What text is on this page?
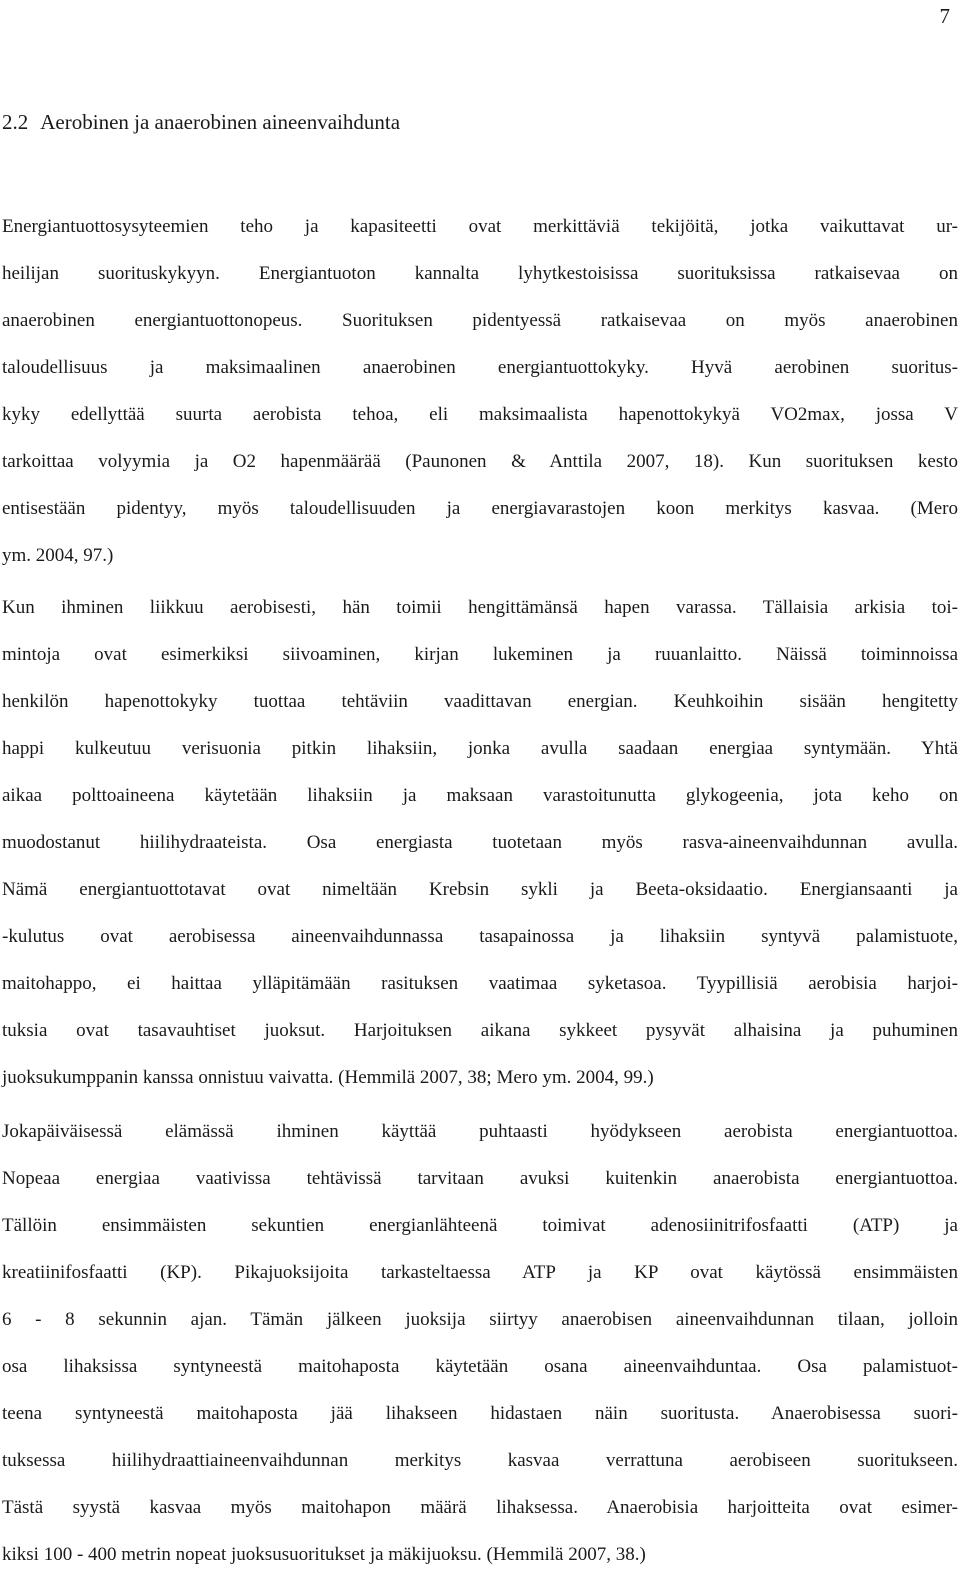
7
2.2 Aerobinen ja anaerobinen aineenvaihdunta
Energiantuottosysyteemien teho ja kapasiteetti ovat merkittäviä tekijöitä, jotka vaikuttavat ur-
heilijan suorituskykyyn. Energiantuoton kannalta lyhytkestoisissa suorituksissa ratkaisevaa on
anaerobinen energiantuottonopeus. Suorituksen pidentyessä ratkaisevaa on myös anaerobinen
taloudellisuus ja maksimaalinen anaerobinen energiantuottokyky. Hyvä aerobinen suoritus-
kyky edellyttää suurta aerobista tehoa, eli maksimaalista hapenottokykyä VO2max, jossa V
tarkoittaa volyymia ja O2 hapenmäärää (Paunonen & Anttila 2007, 18). Kun suorituksen kesto
entisestään pidentyy, myös taloudellisuuden ja energiavarastojen koon merkitys kasvaa. (Mero
ym. 2004, 97.)
Kun ihminen liikkuu aerobisesti, hän toimii hengittämänsä hapen varassa. Tällaisia arkisia toi-
mintoja ovat esimerkiksi siivoaminen, kirjan lukeminen ja ruuanlaitto. Näissä toiminnoissa
henkilön hapenottokyky tuottaa tehtäviin vaadittavan energian. Keuhkoihin sisään hengitetty
happi kulkeutuu verisuonia pitkin lihaksiin, jonka avulla saadaan energiaa syntymään. Yhtä
aikaa polttoaineena käytetään lihaksiin ja maksaan varastoitunutta glykogeenia, jota keho on
muodostanut hiilihydraateista. Osa energiasta tuotetaan myös rasva-aineenvaihdunnan avulla.
Nämä energiantuottotavat ovat nimeltään Krebsin sykli ja Beeta-oksidaatio. Energiansaanti ja
-kulutus ovat aerobisessa aineenvaihdunnassa tasapainossa ja lihaksiin syntyvä palamistuote,
maitohappo, ei haittaa ylläpitämään rasituksen vaatimaa syketasoa. Tyypillisiä aerobisia harjoi-
tuksia ovat tasavauhtiset juoksut. Harjoituksen aikana sykkeet pysyvät alhaisina ja puhuminen
juoksukumppanin kanssa onnistuu vaivatta. (Hemmilä 2007, 38; Mero ym. 2004, 99.)
Jokapäiväisessä elämässä ihminen käyttää puhtaasti hyödykseen aerobista energiantuottoa.
Nopeaa energiaa vaativissa tehtävissä tarvitaan avuksi kuitenkin anaerobista energiantuottoa.
Tällöin ensimmäisten sekuntien energianlähteenä toimivat adenosiinitrifosfaatti (ATP) ja
kreatiinifosfaatti (KP). Pikajuoksijoita tarkasteltaessa ATP ja KP ovat käytössä ensimmäisten
6 - 8 sekunnin ajan. Tämän jälkeen juoksija siirtyy anaerobisen aineenvaihdunnan tilaan, jolloin
osa lihaksissa syntyneestä maitohaposta käytetään osana aineenvaihduntaa. Osa palamistuot-
teena syntyneestä maitohaposta jää lihakseen hidastaen näin suoritusta. Anaerobisessa suori-
tuksessa hiilihydraattiaineenvaihdunnan merkitys kasvaa verrattuna aerobiseen suoritukseen.
Tästä syystä kasvaa myös maitohapon määrä lihaksessa. Anaerobisia harjoitteita ovat esimer-
kiksi 100 - 400 metrin nopeat juoksusuoritukset ja mäkijuoksu. (Hemmilä 2007, 38.)
